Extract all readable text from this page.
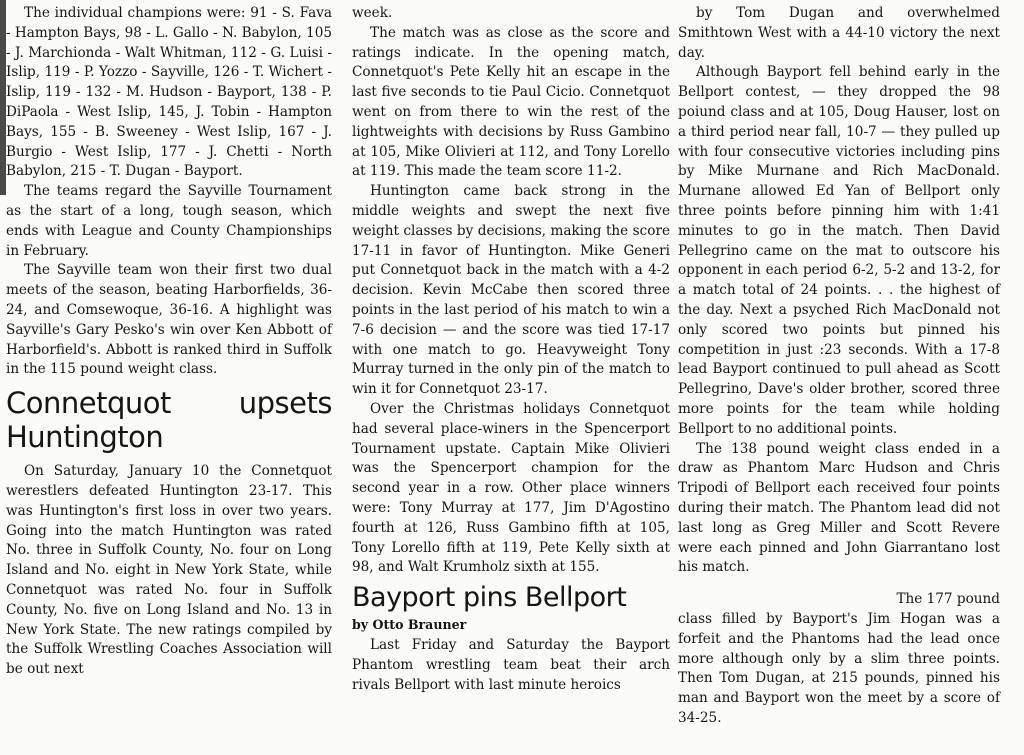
The individual champions were: 91 - S. Fava - Hampton Bays, 98 - L. Gallo - N. Babylon, 105 - J. Marchionda - Walt Whitman, 112 - G. Luisi - Islip, 119 - P. Yozzo - Sayville, 126 - T. Wichert - Islip, 119 - 132 - M. Hudson - Bayport, 138 - P. DiPaola - West Islip, 145, J. Tobin - Hampton Bays, 155 - B. Sweeney - West Islip, 167 - J. Burgio - West Islip, 177 - J. Chetti - North Babylon, 215 - T. Dugan - Bayport.

The teams regard the Sayville Tournament as the start of a long, tough season, which ends with League and County Championships in February.

The Sayville team won their first two dual meets of the season, beating Harborfields, 36-24, and Comsewoque, 36-16. A highlight was Sayville's Gary Pesko's win over Ken Abbott of Harborfield's. Abbott is ranked third in Suffolk in the 115 pound weight class.

Connetquot upsets Huntington

On Saturday, January 10 the Connetquot werestlers defeated Huntington 23-17. This was Huntington's first loss in over two years. Going into the match Huntington was rated No. three in Suffolk County, No. four on Long Island and No. eight in New York State, while Connetquot was rated No. four in Suffolk County, No. five on Long Island and No. 13 in New York State. The new ratings compiled by the Suffolk Wrestling Coaches Association will be out next

week.

The match was as close as the score and ratings indicate. In the opening match, Connetquot's Pete Kelly hit an escape in the last five seconds to tie Paul Cicio. Connetquot went on from there to win the rest of the lightweights with decisions by Russ Gambino at 105, Mike Olivieri at 112, and Tony Lorello at 119. This made the team score 11-2.

Huntington came back strong in the middle weights and swept the next five weight classes by decisions, making the score 17-11 in favor of Huntington. Mike Generi put Connetquot back in the match with a 4-2 decision. Kevin McCabe then scored three points in the last period of his match to win a 7-6 decision — and the score was tied 17-17 with one match to go. Heavyweight Tony Murray turned in the only pin of the match to win it for Connetquot 23-17.

Over the Christmas holidays Connetquot had several place-winers in the Spencerport Tournament upstate. Captain Mike Olivieri was the Spencerport champion for the second year in a row. Other place winners were: Tony Murray at 177, Jim D'Agostino fourth at 126, Russ Gambino fifth at 105, Tony Lorello fifth at 119, Pete Kelly sixth at 98, and Walt Krumholz sixth at 155.

Bayport pins Bellport
by Otto Brauner

Last Friday and Saturday the Bayport Phantom wrestling team beat their arch rivals Bellport with last minute heroics

by Tom Dugan and overwhelmed Smithtown West with a 44-10 victory the next day.

Although Bayport fell behind early in the Bellport contest, — they dropped the 98 poiund class and at 105, Doug Hauser, lost on a third period near fall, 10-7 — they pulled up with four consecutive victories including pins by Mike Murnane and Rich MacDonald. Murnane allowed Ed Yan of Bellport only three points before pinning him with 1:41 minutes to go in the match. Then David Pellegrino came on the mat to outscore his opponent in each period 6-2, 5-2 and 13-2, for a match total of 24 points. . . the highest of the day. Next a psyched Rich MacDonald not only scored two points but pinned his competition in just :23 seconds. With a 17-8 lead Bayport continued to pull ahead as Scott Pellegrino, Dave's older brother, scored three more points for the team while holding Bellport to no additional points.

The 138 pound weight class ended in a draw as Phantom Marc Hudson and Chris Tripodi of Bellport each received four points during their match. The Phantom lead did not last long as Greg Miller and Scott Revere were each pinned and John Giarrantano lost his match.

The 177 pound

class filled by Bayport's Jim Hogan was a forfeit and the Phantoms had the lead once more although only by a slim three points. Then Tom Dugan, at 215 pounds, pinned his man and Bayport won the meet by a score of 34-25.
